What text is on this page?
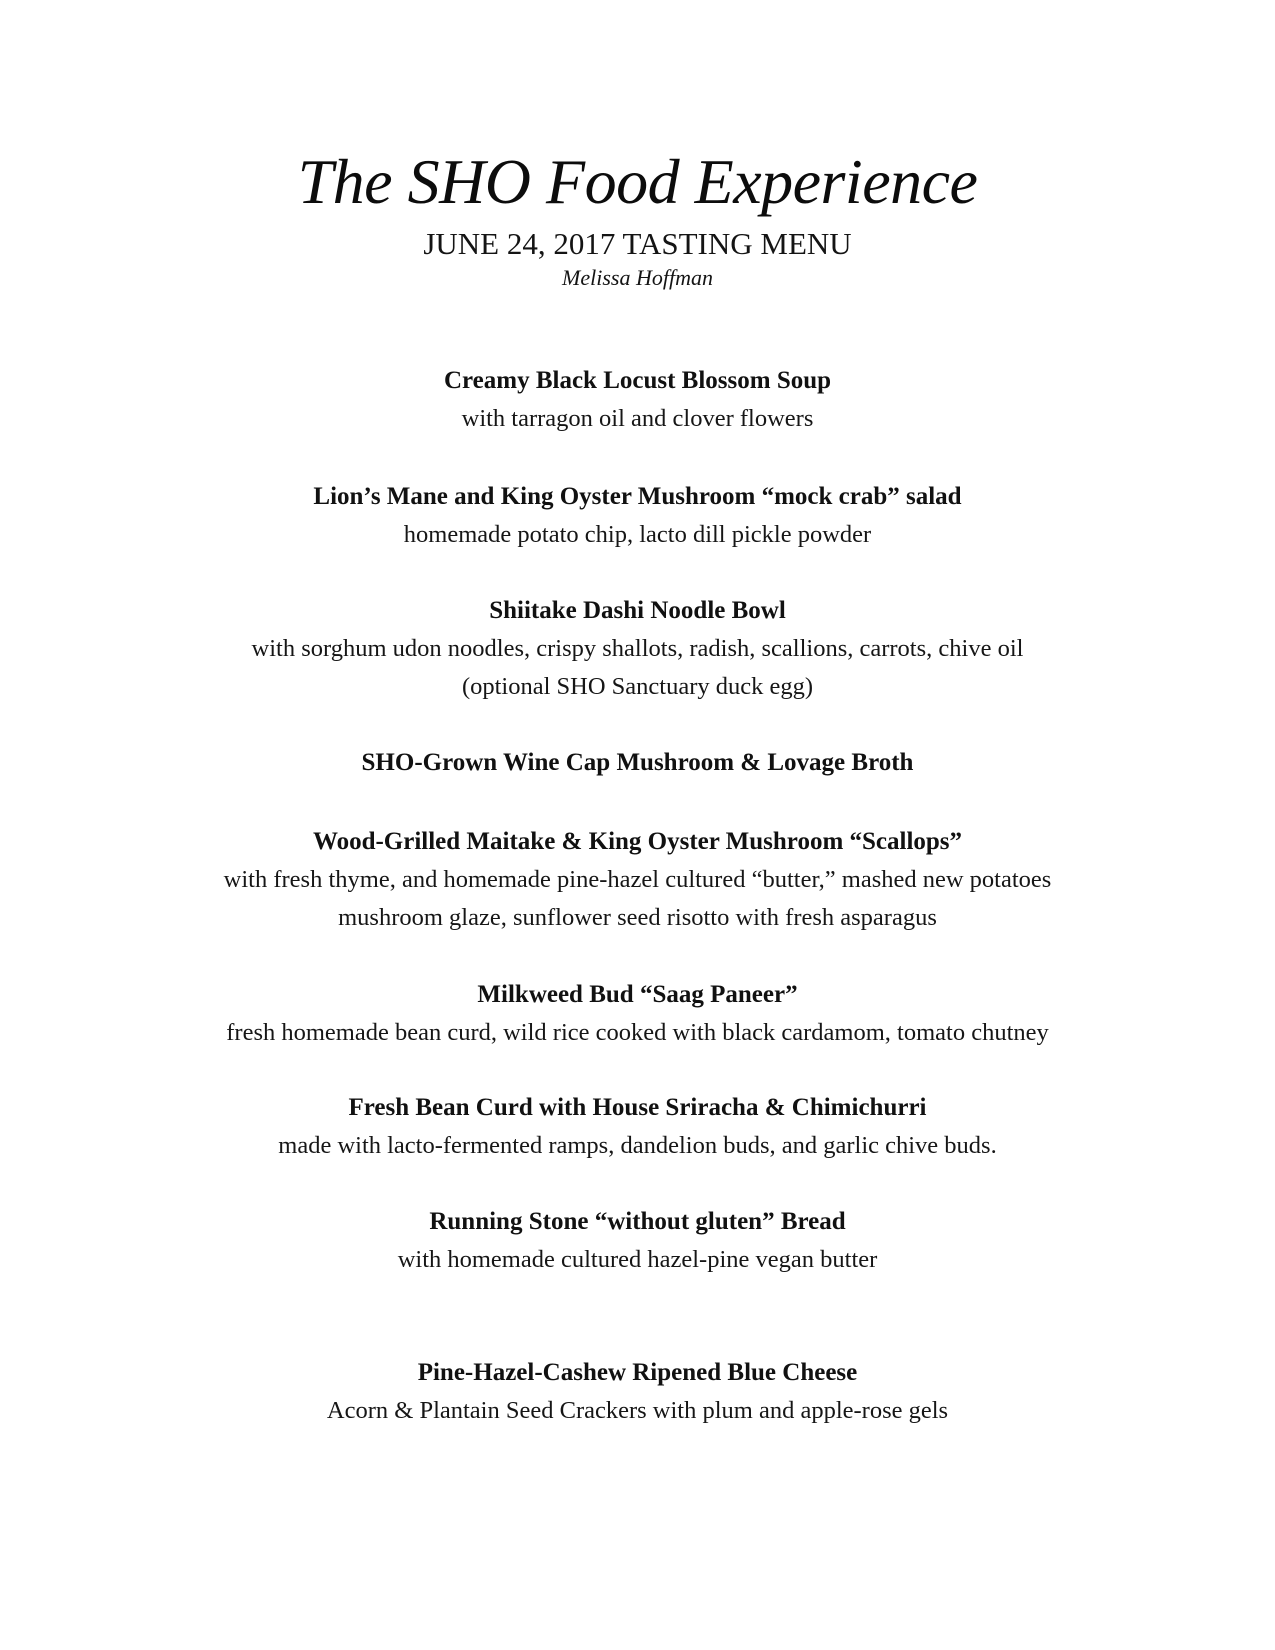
The SHO Food Experience
JUNE 24, 2017 TASTING MENU
Melissa Hoffman
Creamy Black Locust Blossom Soup
with tarragon oil and clover flowers
Lion’s Mane and King Oyster Mushroom “mock crab” salad
homemade potato chip, lacto dill pickle powder
Shiitake Dashi Noodle Bowl
with sorghum udon noodles, crispy shallots, radish, scallions, carrots, chive oil
(optional SHO Sanctuary duck egg)
SHO-Grown Wine Cap Mushroom & Lovage Broth
Wood-Grilled Maitake & King Oyster Mushroom “Scallops”
with fresh thyme, and homemade pine-hazel cultured “butter,” mashed new potatoes
mushroom glaze, sunflower seed risotto with fresh asparagus
Milkweed Bud “Saag Paneer”
fresh homemade bean curd, wild rice cooked with black cardamom, tomato chutney
Fresh Bean Curd with House Sriracha & Chimichurri
made with lacto-fermented ramps, dandelion buds, and garlic chive buds.
Running Stone “without gluten” Bread
with homemade cultured hazel-pine vegan butter
Pine-Hazel-Cashew Ripened Blue Cheese
Acorn & Plantain Seed Crackers with plum and apple-rose gels
